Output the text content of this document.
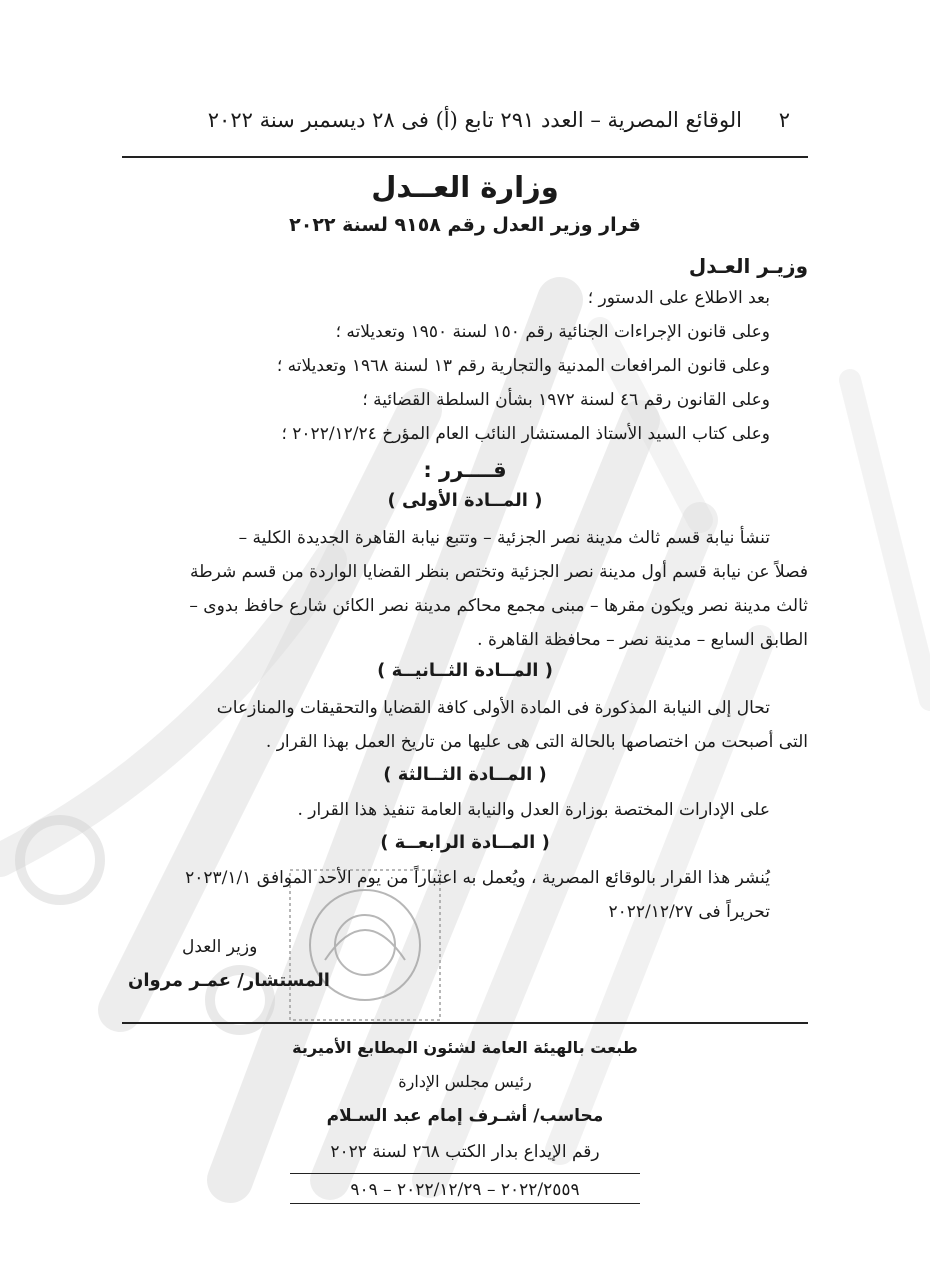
٢ الوقائع المصرية – العدد ٢٩١ تابع (أ) فى ٢٨ ديسمبر سنة ٢٠٢٢
وزارة العــدل
قرار وزير العدل رقم ٩١٥٨ لسنة ٢٠٢٢
وزيـر العـدل
بعد الاطلاع على الدستور ؛
وعلى قانون الإجراءات الجنائية رقم ١٥٠ لسنة ١٩٥٠ وتعديلاته ؛
وعلى قانون المرافعات المدنية والتجارية رقم ١٣ لسنة ١٩٦٨ وتعديلاته ؛
وعلى القانون رقم ٤٦ لسنة ١٩٧٢ بشأن السلطة القضائية ؛
وعلى كتاب السيد الأستاذ المستشار النائب العام المؤرخ ٢٠٢٢/١٢/٢٤ ؛
قــــرر :
( المــادة الأولى )
تنشأ نيابة قسم ثالث مدينة نصر الجزئية – وتتبع نيابة القاهرة الجديدة الكلية –
فصلاً عن نيابة قسم أول مدينة نصر الجزئية وتختص بنظر القضايا الواردة من قسم شرطة
ثالث مدينة نصر ويكون مقرها – مبنى مجمع محاكم مدينة نصر الكائن شارع حافظ بدوى –
الطابق السابع – مدينة نصر – محافظة القاهرة .
( المــادة الثــانيــة )
تحال إلى النيابة المذكورة فى المادة الأولى كافة القضايا والتحقيقات والمنازعات
التى أصبحت من اختصاصها بالحالة التى هى عليها من تاريخ العمل بهذا القرار .
( المــادة الثــالثة )
على الإدارات المختصة بوزارة العدل والنيابة العامة تنفيذ هذا القرار .
( المــادة الرابعــة )
يُنشر هذا القرار بالوقائع المصرية ، ويُعمل به اعتباراً من يوم الأحد الموافق ٢٠٢٣/١/١
تحريراً فى ٢٠٢٢/١٢/٢٧
وزير العدل
المستشار/ عمـر مروان
طبعت بالهيئة العامة لشئون المطابع الأميرية
رئيس مجلس الإدارة
محاسب/ أشـرف إمام عبد السـلام
رقم الإيداع بدار الكتب ٢٦٨ لسنة ٢٠٢٢
٢٠٢٢/٢٥٥٩ – ٢٠٢٢/١٢/٢٩ – ٩٠٩
